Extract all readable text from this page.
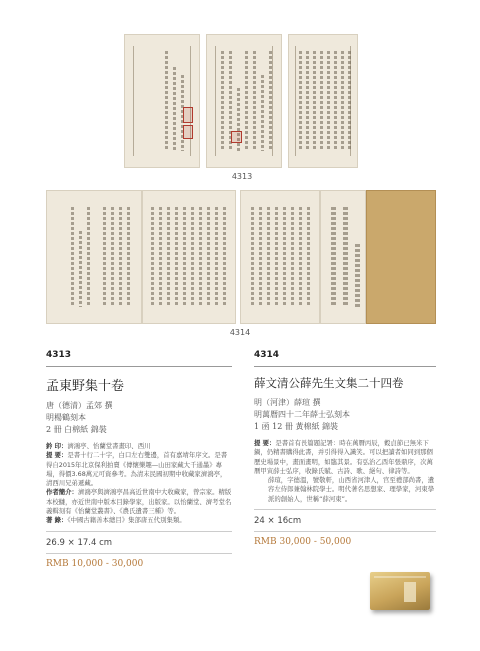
4313
4314
4313
孟東野集十卷
唐（德清）孟郊 撰
明楊鶴刻本
2 冊 白棉紙 錦裝
鈐 印：濟鴻亭、怡蘭堂書畫印、西川
提 要：是書十行二十字，白口左右雙邊，首有嘉靖年序文。是書得自2015年北京保利拍賣《傳懷樂趣—山田家藏大千通墨》專場，得價3.68萬元可資參考。為清末民國初期中收藏家濟鴻亭，清西川兄弟遞藏。
作者簡介：濟鴻亭與濟鴻亭昌高近世南中大收藏家，曾宗家。精版本校讎，亦近世南中版本目錄學家，出版家。以怡蘭堂、濟考堂名義輯刻有《怡蘭堂叢書》、《農氏遺書三種》等。
著 錄：《中國古籍善本總目》集部唐五代別集類。
26.9 × 17.4 cm
RMB 10,000 - 30,000
4314
薛文清公薛先生文集二十四卷
明（河津）薛瑄 撰
明萬曆四十二年薛士弘刻本
1 函 12 冊 黃棉紙 錦裝
提 要：是書首有長篇題記署：時在萬曆丙辰，穀貞節已無米下鍋，仍精書購得此書，并引得得入識笑。可以把讀者如同到那個歷史場景中，畫面畫明，如臨其景。有弘治乙酉年張鼎序，次萬曆甲寅薛士弘序，收錄氏賦、古詩、歌、絕句、律詩等。
薛瑄，字德溫，號敬軒，山西省河津人，官至禮部尚書，遺容左侍郎兼翰林院學士。明代著名思想家、理學家，河東學派的創始人，世稱“薛河東”。
24 × 16cm
RMB 30,000 - 50,000
